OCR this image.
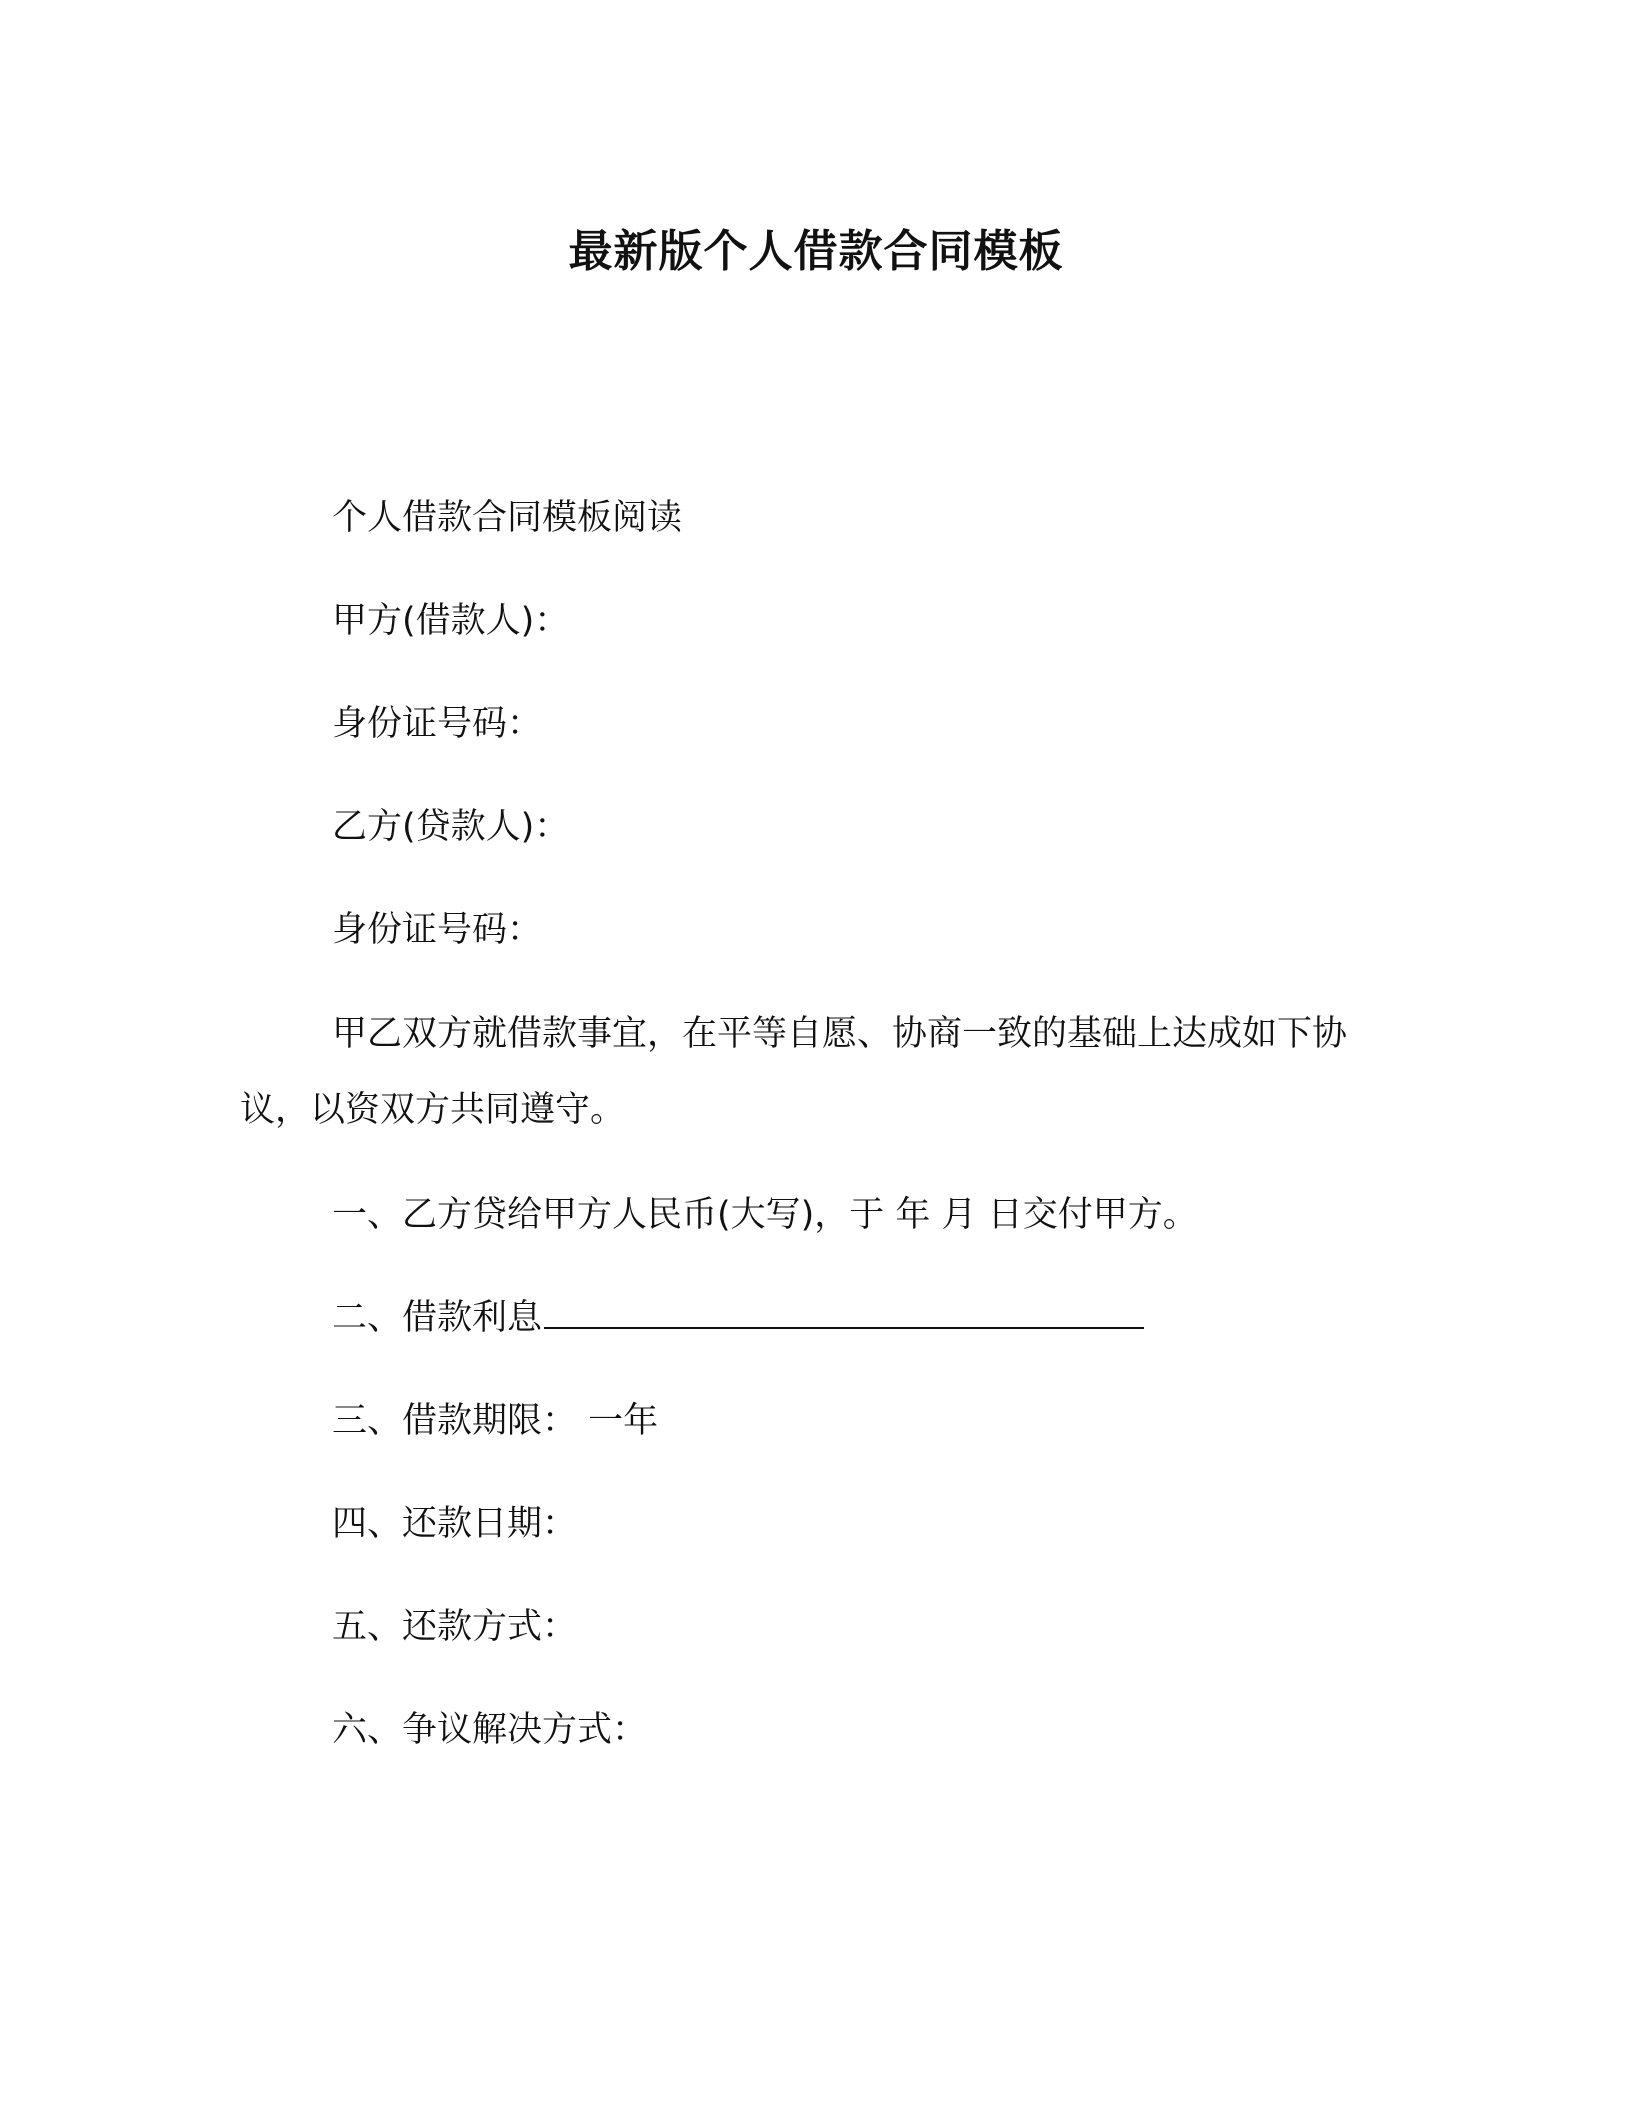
最新版个人借款合同模板
个人借款合同模板阅读
甲方(借款人)：
身份证号码：
乙方(贷款人)：
身份证号码：
甲乙双方就借款事宜，在平等自愿、协商一致的基础上达成如下协议，以资双方共同遵守。
一、乙方贷给甲方人民币(大写)，于 年 月 日交付甲方。
二、借款利息
三、借款期限： 一年
四、还款日期：
五、还款方式：
六、争议解决方式：
